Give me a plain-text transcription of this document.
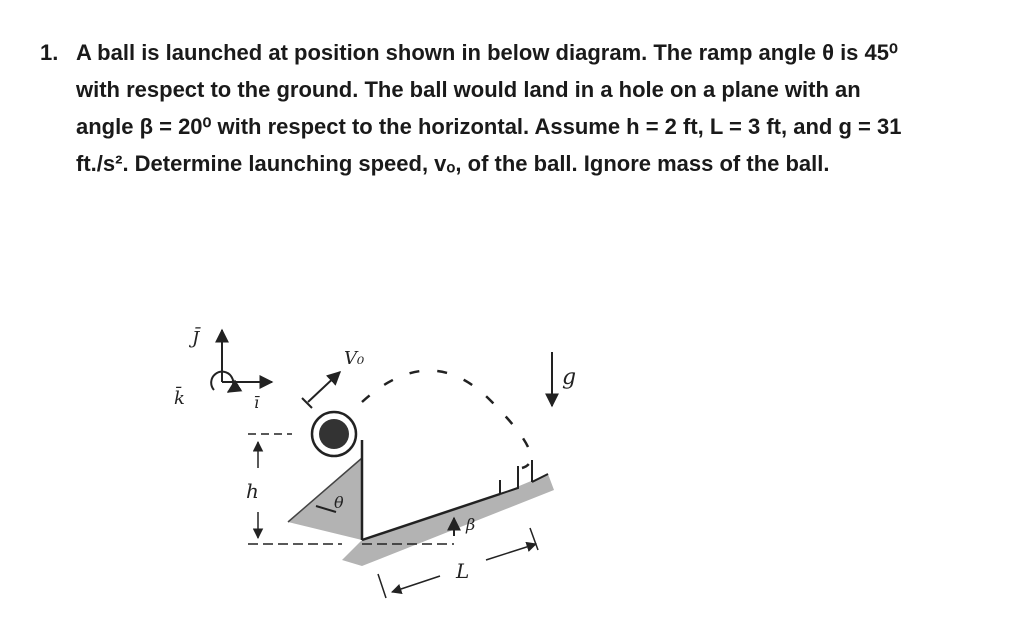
1. A ball is launched at position shown in below diagram. The ramp angle θ is 45⁰
with respect to the ground. The ball would land in a hole on a plane with an
angle β = 20⁰ with respect to the horizontal. Assume h = 2 ft, L = 3 ft, and g = 31
ft./s². Determine launching speed, vₒ, of the ball. Ignore mass of the ball.
J̄
ī
k̄
V₀
g
θ
β
h
L
